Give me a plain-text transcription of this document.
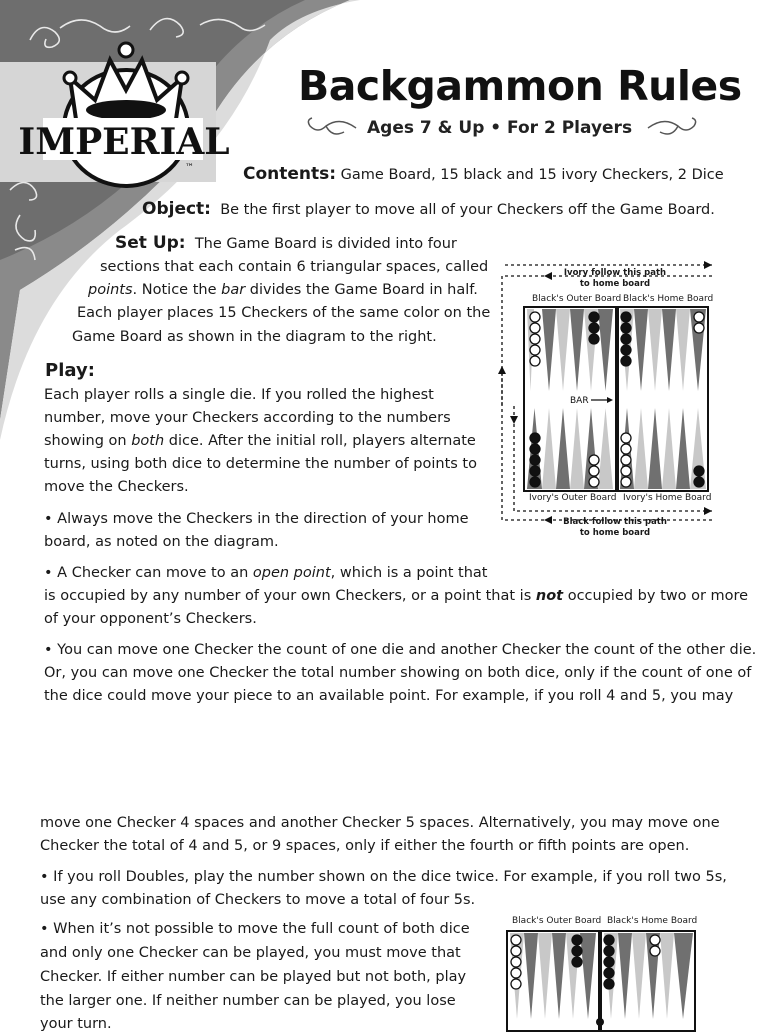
IMPERIAL
™
Backgammon Rules
Ages 7 & Up • For 2 Players
Contents: Game Board, 15 black and 15 ivory Checkers, 2 Dice
Object: Be the first player to move all of your Checkers off the Game Board.
Set Up: The Game Board is divided into four
sections that each contain 6 triangular spaces, called
points. Notice the bar divides the Game Board in half.
Each player places 15 Checkers of the same color on the
Game Board as shown in the diagram to the right.
Play:
Each player rolls a single die. If you rolled the highest
number, move your Checkers according to the numbers
showing on both dice. After the initial roll, players alternate
turns, using both dice to determine the number of points to
move the Checkers.
• Always move the Checkers in the direction of your home
board, as noted on the diagram.
• A Checker can move to an open point, which is a point that
is occupied by any number of your own Checkers, or a point that is not occupied by two or more
of your opponent’s Checkers.
• You can move one Checker the count of one die and another Checker the count of the other die.
Or, you can move one Checker the total number showing on both dice, only if the count of one of
the dice could move your piece to an available point. For example, if you roll 4 and 5, you may
move one Checker 4 spaces and another Checker 5 spaces. Alternatively, you may move one
Checker the total of 4 and 5, or 9 spaces, only if either the fourth or fifth points are open.
• If you roll Doubles, play the number shown on the dice twice. For example, if you roll two 5s,
use any combination of Checkers to move a total of four 5s.
• When it’s not possible to move the full count of both dice
and only one Checker can be played, you must move that
Checker. If either number can be played but not both, play
the larger one. If neither number can be played, you lose
your turn.
Ivory follow this path
to home board
Black follow this path
to home board
Black's Outer Board Black's Home Board
Ivory's Outer Board Ivory's Home Board
BAR
Black's Outer Board Black's Home Board
